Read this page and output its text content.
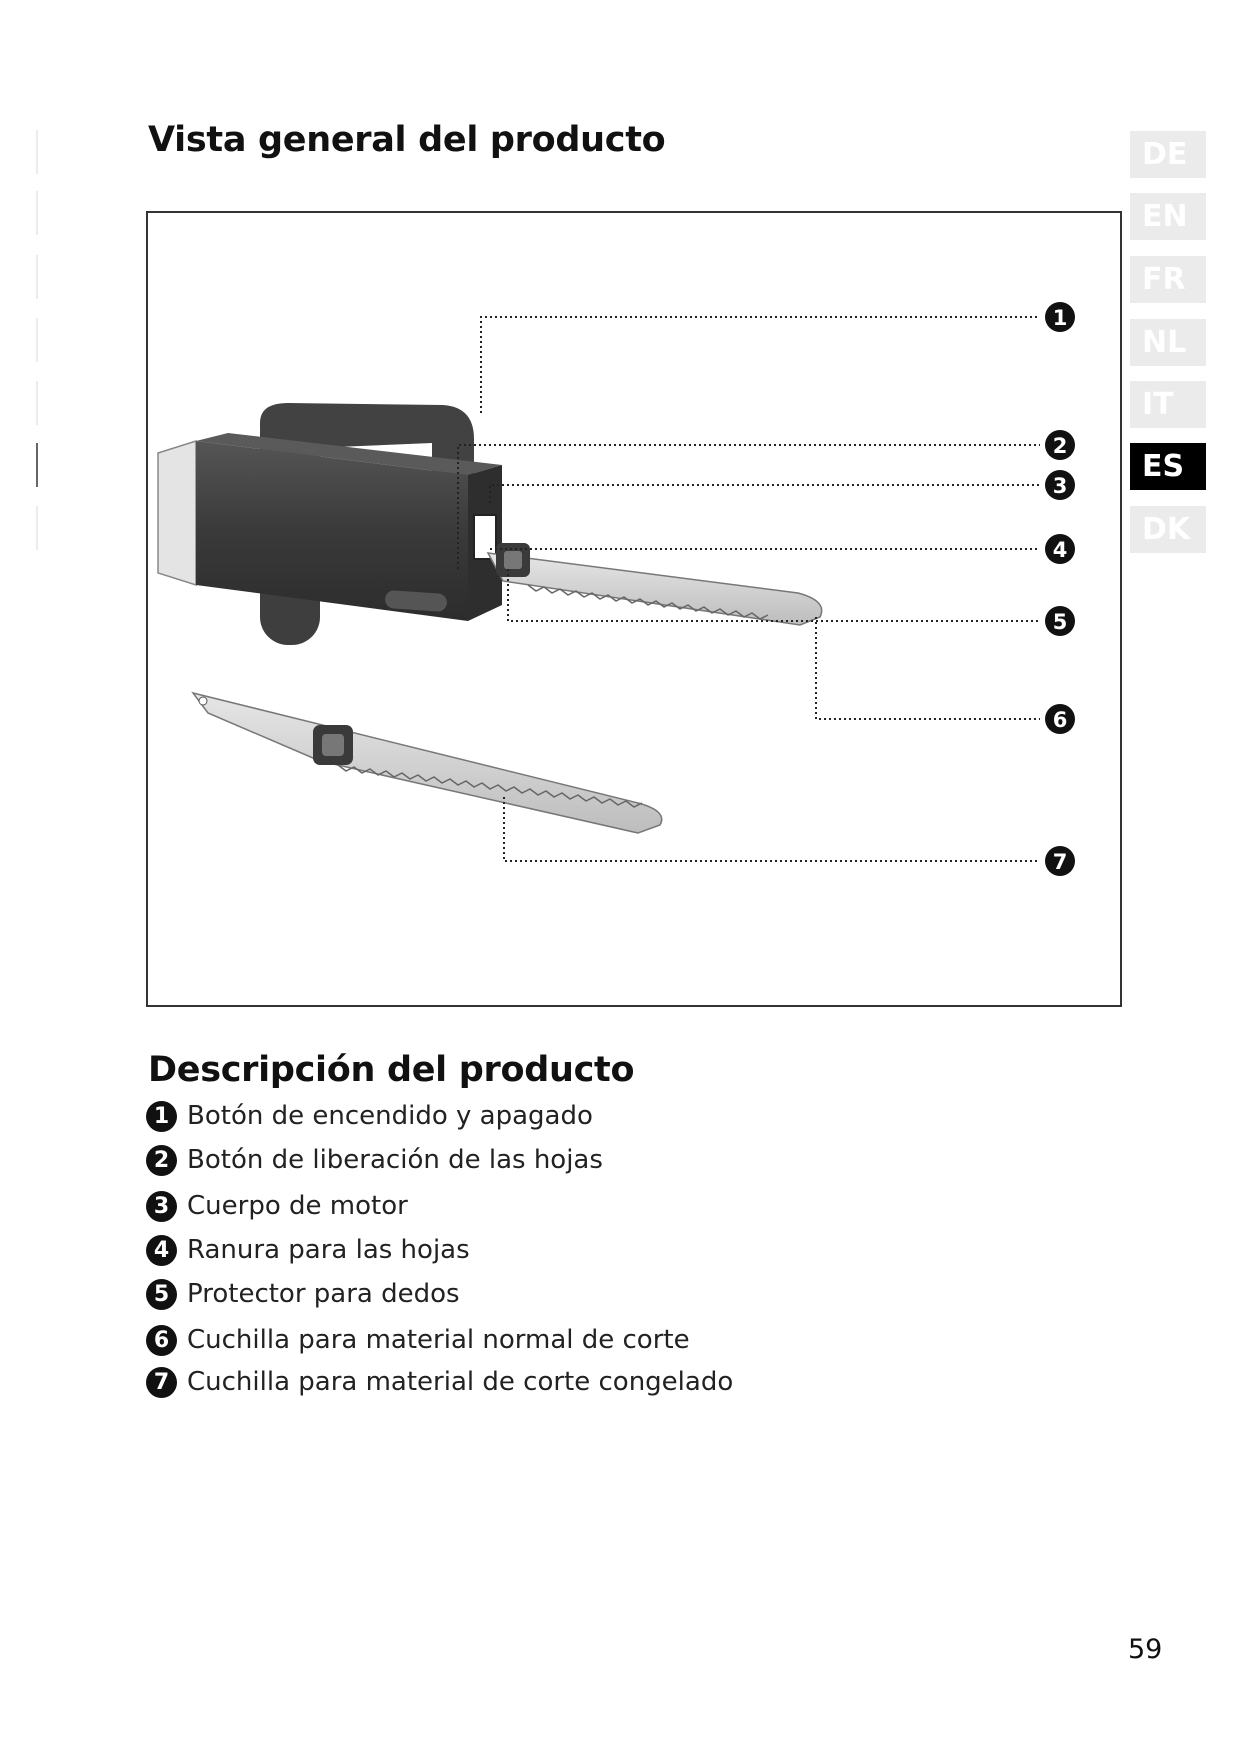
Vista general del producto	DE
EN
FR
NL
IT
ES
DK
1
2
3
4
5
6
7
Descripción del producto
1 Botón de encendido y apagado
2 Botón de liberación de las hojas
3 Cuerpo de motor
4 Ranura para las hojas
5 Protector para dedos
6 Cuchilla para material normal de corte
7 Cuchilla para material de corte congelado
59
